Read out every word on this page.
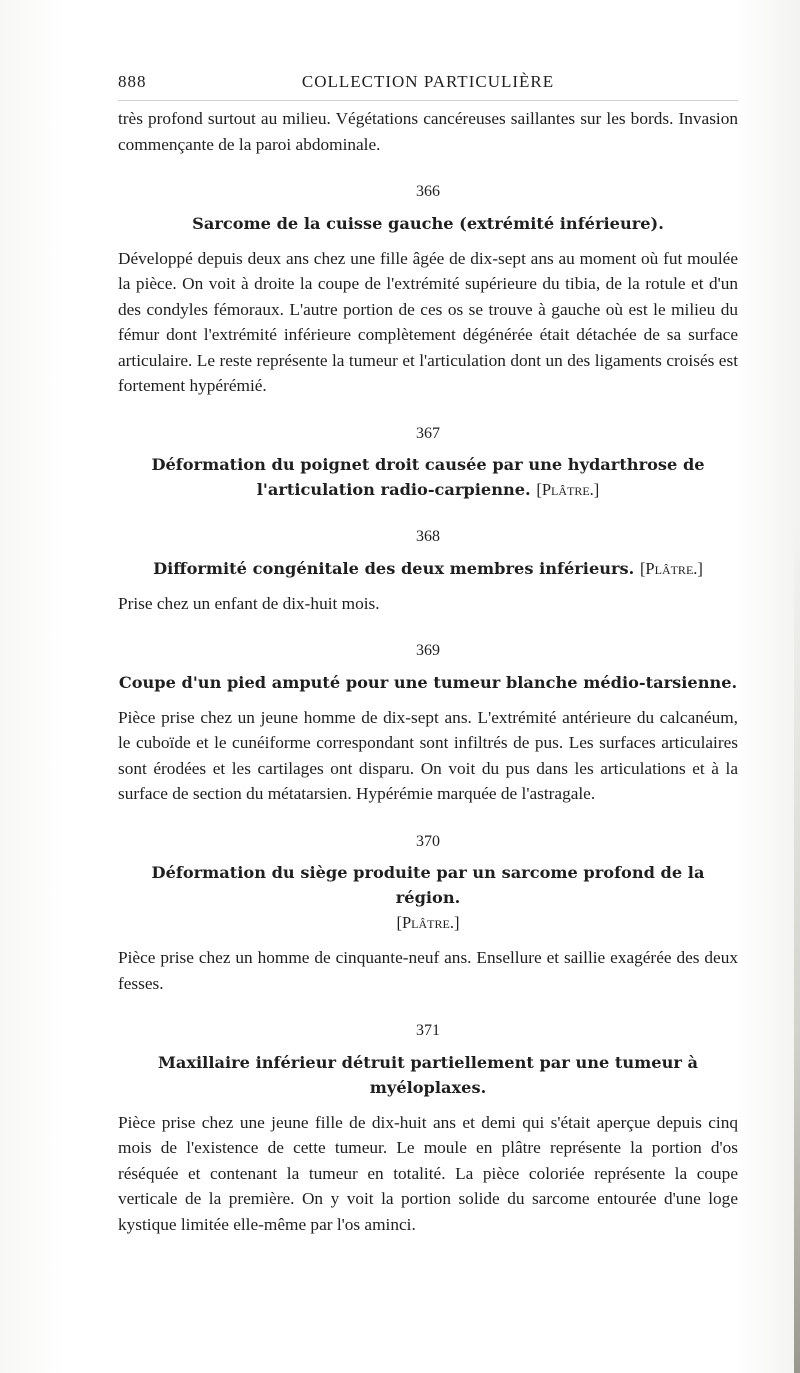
888	COLLECTION PARTICULIÈRE

très profond surtout au milieu. Végétations cancéreuses saillantes sur les bords. Invasion commençante de la paroi abdominale.

366
Sarcome de la cuisse gauche (extrémité inférieure).

Développé depuis deux ans chez une fille âgée de dix-sept ans au moment où fut moulée la pièce. On voit à droite la coupe de l'extrémité supérieure du tibia, de la rotule et d'un des condyles fémoraux. L'autre portion de ces os se trouve à gauche où est le milieu du fémur dont l'extrémité inférieure complètement dégénérée était détachée de sa surface articulaire. Le reste représente la tumeur et l'articulation dont un des ligaments croisés est fortement hypérémié.

367
Déformation du poignet droit causée par une hydarthrose de l'articulation radio-carpienne. [Plâtre.]
368
Difformité congénitale des deux membres inférieurs. [Plâtre.]

Prise chez un enfant de dix-huit mois.

369
Coupe d'un pied amputé pour une tumeur blanche médio-tarsienne.

Pièce prise chez un jeune homme de dix-sept ans. L'extrémité antérieure du calcanéum, le cuboïde et le cunéiforme correspondant sont infiltrés de pus. Les surfaces articulaires sont érodées et les cartilages ont disparu. On voit du pus dans les articulations et à la surface de section du métatarsien. Hypérémie marquée de l'astragale.

370
Déformation du siège produite par un sarcome profond de la région.
[Plâtre.]

Pièce prise chez un homme de cinquante-neuf ans. Ensellure et saillie exagérée des deux fesses.

371
Maxillaire inférieur détruit partiellement par une tumeur à myéloplaxes.

Pièce prise chez une jeune fille de dix-huit ans et demi qui s'était aperçue depuis cinq mois de l'existence de cette tumeur. Le moule en plâtre représente la portion d'os réséquée et contenant la tumeur en totalité. La pièce coloriée représente la coupe verticale de la première. On y voit la portion solide du sarcome entourée d'une loge kystique limitée elle-même par l'os aminci.
